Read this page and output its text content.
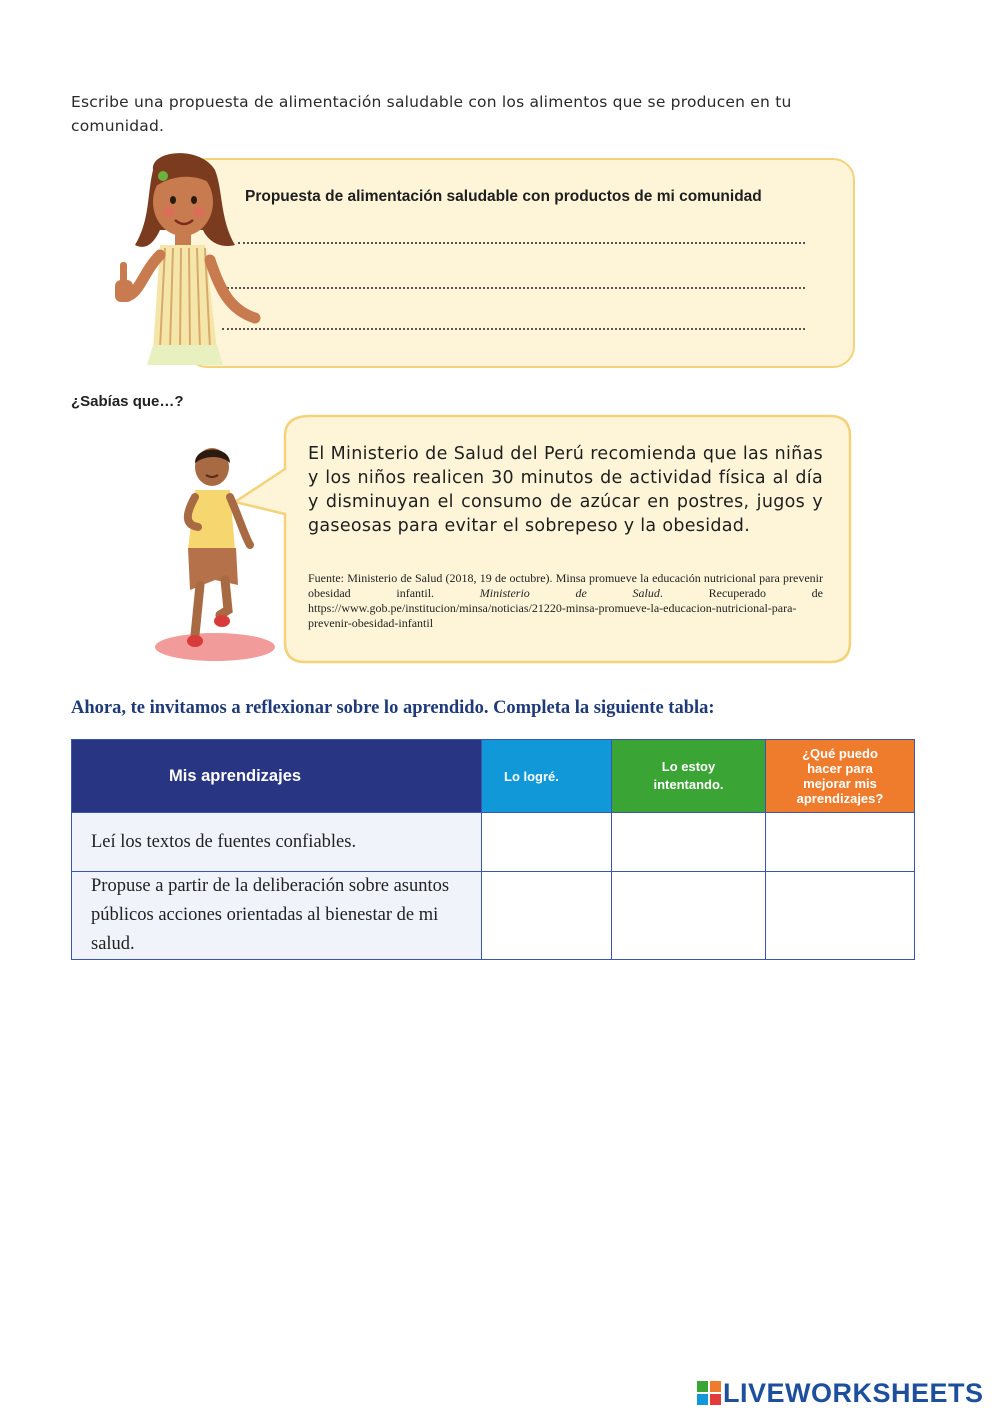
Escribe una propuesta de alimentación saludable con los alimentos que se producen en tu comunidad.
Propuesta de alimentación saludable con productos de mi comunidad
¿Sabías que…?
El Ministerio de Salud del Perú recomienda que las niñas y los niños realicen 30 minutos de actividad física al día y disminuyan el consumo de azúcar en postres, jugos y gaseosas para evitar el sobrepeso y la obesidad.
Fuente: Ministerio de Salud (2018, 19 de octubre). Minsa promueve la educación nutricional para prevenir obesidad infantil. Ministerio de Salud. Recuperado de https://www.gob.pe/institucion/minsa/noticias/21220-minsa-promueve-la-educacion-nutricional-para-prevenir-obesidad-infantil
Ahora, te invitamos a reflexionar sobre lo aprendido. Completa la siguiente tabla:
Mis aprendizajes	Lo logré.	Lo estoy intentando.	¿Qué puedo hacer para mejorar mis aprendizajes?

Leí los textos de fuentes confiables.			
Propuse a partir de la deliberación sobre asuntos públicos acciones orientadas al bienestar de mi salud.			
LIVEWORKSHEETS
